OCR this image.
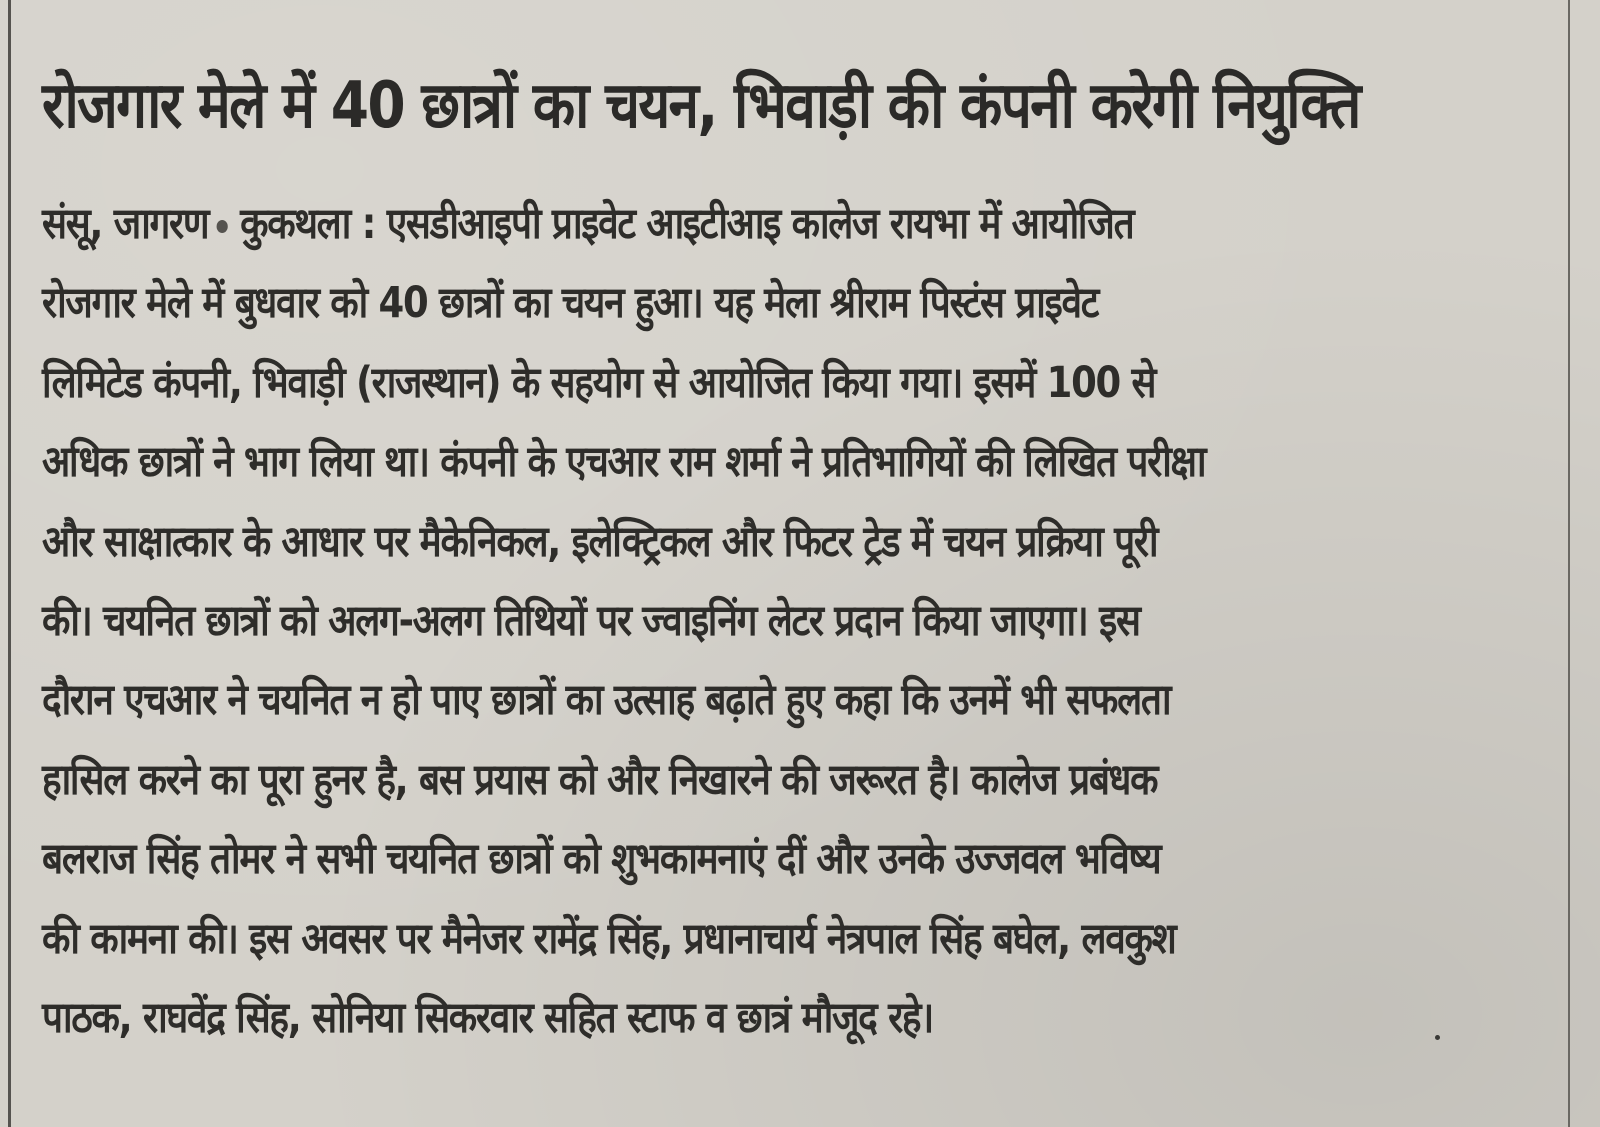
रोजगार मेले में 40 छात्रों का चयन, भिवाड़ी की कंपनी करेगी नियुक्ति
संसू, जागरण कुकथला : एसडीआइपी प्राइवेट आइटीआइ कालेज रायभा में आयोजित
रोजगार मेले में बुधवार को 40 छात्रों का चयन हुआ। यह मेला श्रीराम पिस्टंस प्राइवेट
लिमिटेड कंपनी, भिवाड़ी (राजस्थान) के सहयोग से आयोजित किया गया। इसमें 100 से
अधिक छात्रों ने भाग लिया था। कंपनी के एचआर राम शर्मा ने प्रतिभागियों की लिखित परीक्षा
और साक्षात्कार के आधार पर मैकेनिकल, इलेक्ट्रिकल और फिटर ट्रेड में चयन प्रक्रिया पूरी
की। चयनित छात्रों को अलग-अलग तिथियों पर ज्वाइनिंग लेटर प्रदान किया जाएगा। इस
दौरान एचआर ने चयनित न हो पाए छात्रों का उत्साह बढ़ाते हुए कहा कि उनमें भी सफलता
हासिल करने का पूरा हुनर है, बस प्रयास को और निखारने की जरूरत है। कालेज प्रबंधक
बलराज सिंह तोमर ने सभी चयनित छात्रों को शुभकामनाएं दीं और उनके उज्जवल भविष्य
की कामना की। इस अवसर पर मैनेजर रामेंद्र सिंह, प्रधानाचार्य नेत्रपाल सिंह बघेल, लवकुश
पाठक, राघवेंद्र सिंह, सोनिया सिकरवार सहित स्टाफ व छात्रं मौजूद रहे।
